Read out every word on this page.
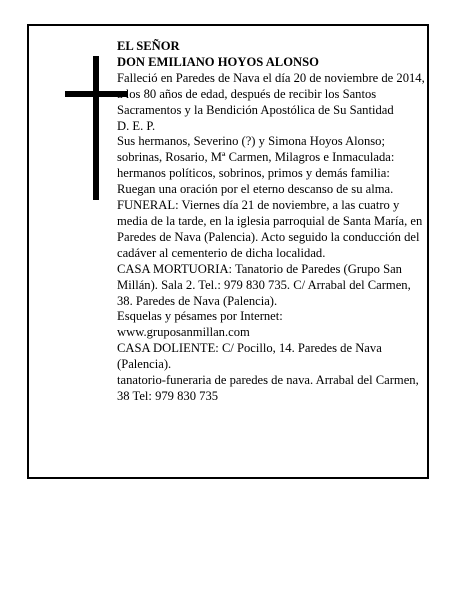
EL SEÑOR
DON EMILIANO HOYOS ALONSO
Falleció en Paredes de Nava el día 20 de noviembre de 2014, a los 80 años de edad, después de recibir los Santos Sacramentos y la Bendición Apostólica de Su Santidad
D. E. P.
Sus hermanos, Severino (?) y Simona Hoyos Alonso; sobrinas, Rosario, Mª Carmen, Milagros e Inmaculada: hermanos políticos, sobrinos, primos y demás familia:
Ruegan una oración por el eterno descanso de su alma.
FUNERAL: Viernes día 21 de noviembre, a las cuatro y media de la tarde, en la iglesia parroquial de Santa María, en Paredes de Nava (Palencia). Acto seguido la conducción del cadáver al cementerio de dicha localidad.
CASA MORTUORIA: Tanatorio de Paredes (Grupo San Millán). Sala 2. Tel.: 979 830 735. C/ Arrabal del Carmen, 38. Paredes de Nava (Palencia).
Esquelas y pésames por Internet:
www.gruposanmillan.com
CASA DOLIENTE: C/ Pocillo, 14. Paredes de Nava (Palencia).
tanatorio-funeraria de paredes de nava. Arrabal del Carmen, 38 Tel: 979 830 735
